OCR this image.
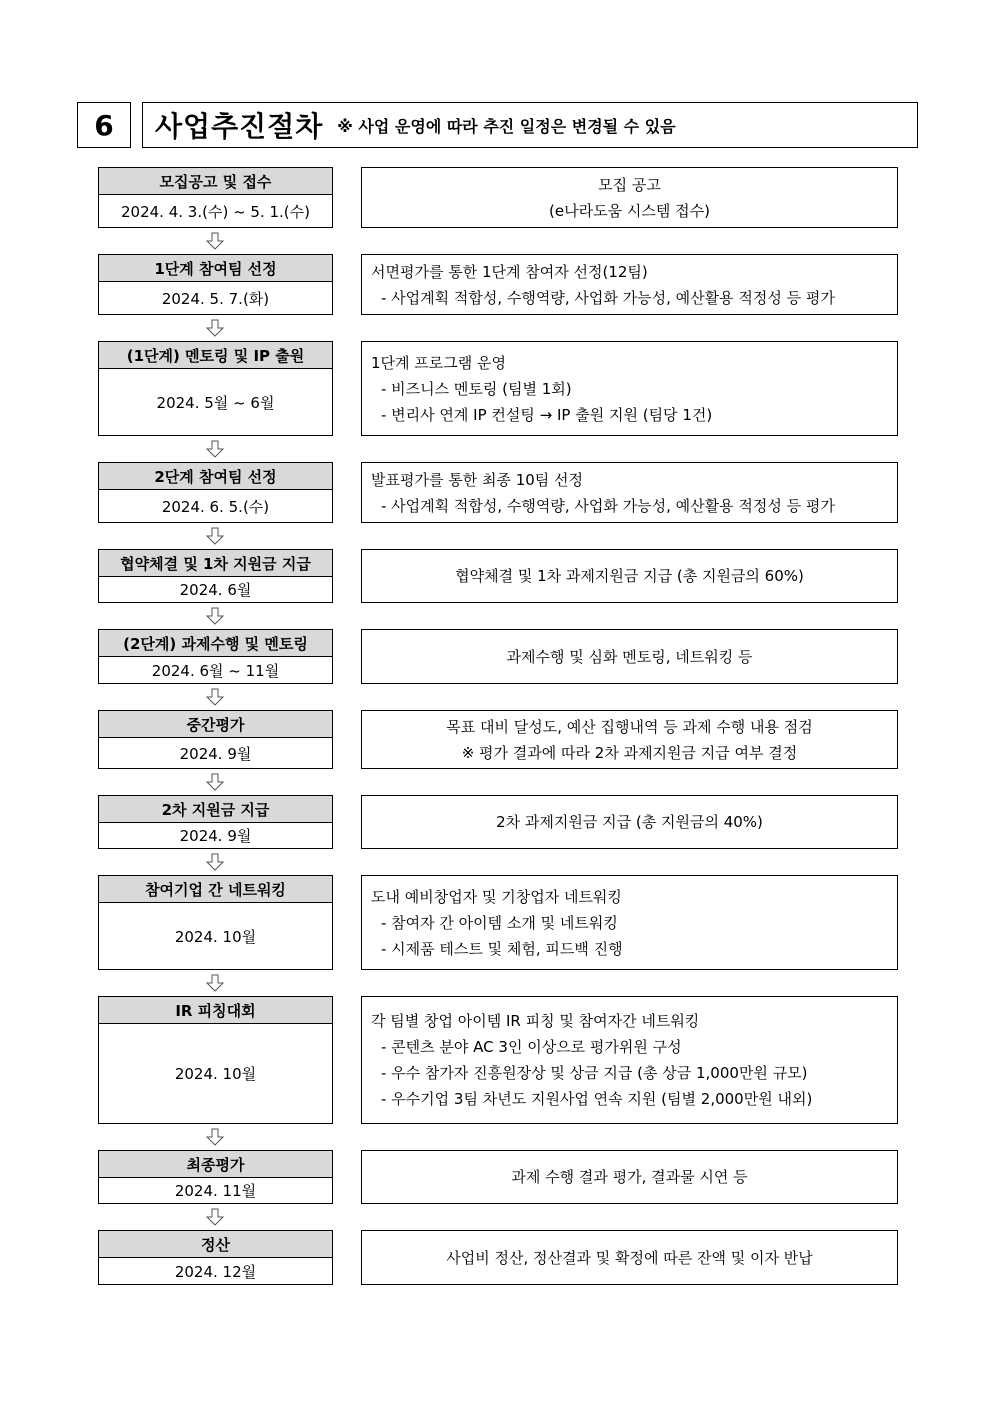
6	사업추진절차 ※ 사업 운영에 따라 추진 일정은 변경될 수 있음
모집공고 및 접수
2024. 4. 3.(수) ~ 5. 1.(수)
모집 공고
(e나라도움 시스템 접수)
1단계 참여팀 선정
2024. 5. 7.(화)
서면평가를 통한 1단계 참여자 선정(12팀)
- 사업계획 적합성, 수행역량, 사업화 가능성, 예산활용 적정성 등 평가
(1단계) 멘토링 및 IP 출원
2024. 5월 ~ 6월
1단계 프로그램 운영
- 비즈니스 멘토링 (팀별 1회)
- 변리사 연계 IP 컨설팅 → IP 출원 지원 (팀당 1건)
2단계 참여팀 선정
2024. 6. 5.(수)
발표평가를 통한 최종 10팀 선정
- 사업계획 적합성, 수행역량, 사업화 가능성, 예산활용 적정성 등 평가
협약체결 및 1차 지원금 지급
2024. 6월
협약체결 및 1차 과제지원금 지급 (총 지원금의 60%)
(2단계) 과제수행 및 멘토링
2024. 6월 ~ 11월
과제수행 및 심화 멘토링, 네트워킹 등
중간평가
2024. 9월
목표 대비 달성도, 예산 집행내역 등 과제 수행 내용 점검
※ 평가 결과에 따라 2차 과제지원금 지급 여부 결정
2차 지원금 지급
2024. 9월
2차 과제지원금 지급 (총 지원금의 40%)
참여기업 간 네트워킹
2024. 10월
도내 예비창업자 및 기창업자 네트워킹
- 참여자 간 아이템 소개 및 네트워킹
- 시제품 테스트 및 체험, 피드백 진행
IR 피칭대회
2024. 10월
각 팀별 창업 아이템 IR 피칭 및 참여자간 네트워킹
- 콘텐츠 분야 AC 3인 이상으로 평가위원 구성
- 우수 참가자 진흥원장상 및 상금 지급 (총 상금 1,000만원 규모)
- 우수기업 3팀 차년도 지원사업 연속 지원 (팀별 2,000만원 내외)
최종평가
2024. 11월
과제 수행 결과 평가, 결과물 시연 등
정산
2024. 12월
사업비 정산, 정산결과 및 확정에 따른 잔액 및 이자 반납
